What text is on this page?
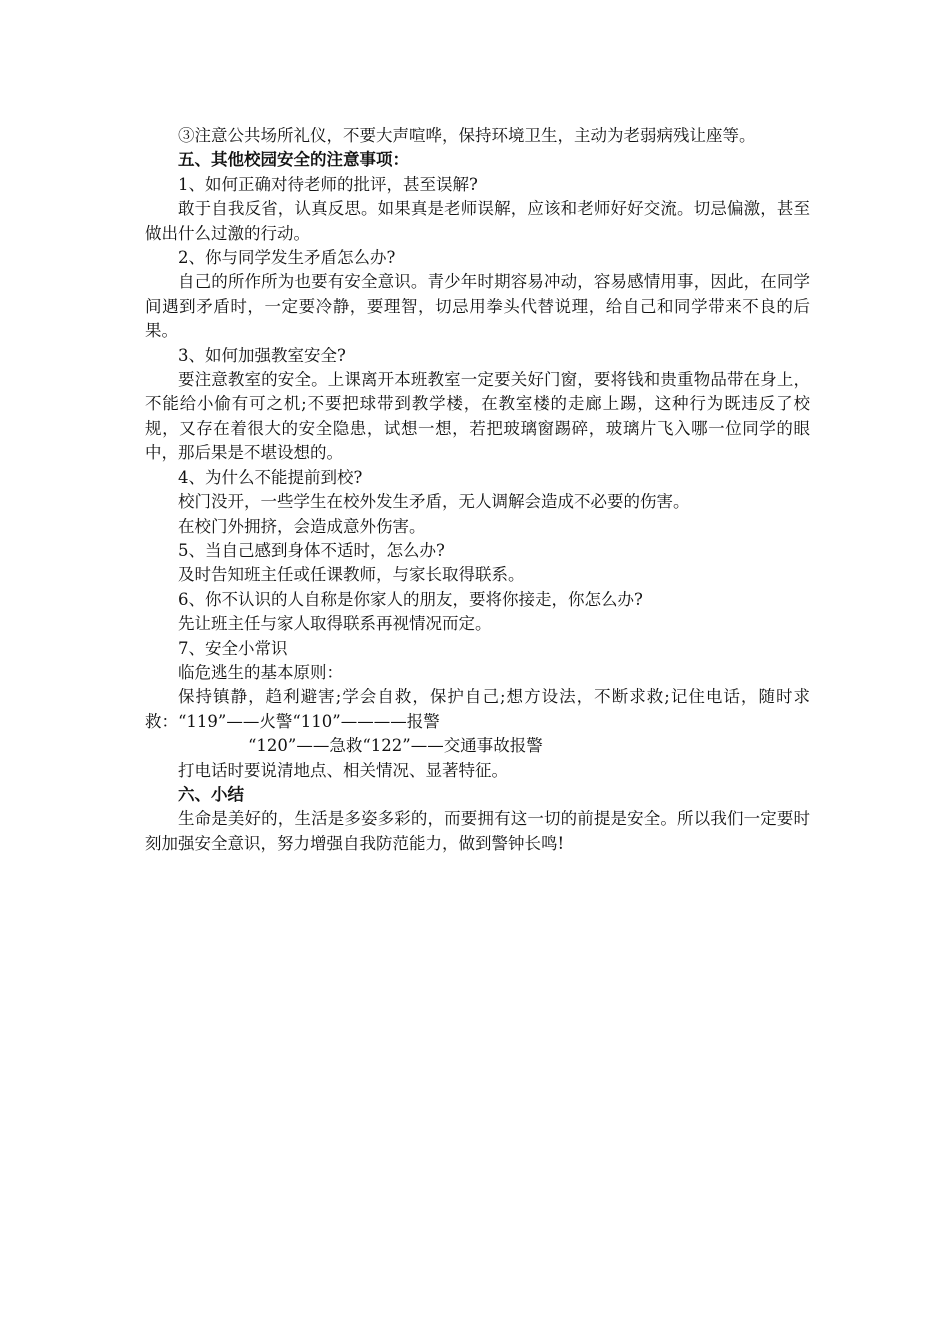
③注意公共场所礼仪，不要大声喧哗，保持环境卫生，主动为老弱病残让座等。

五、其他校园安全的注意事项：

1、如何正确对待老师的批评，甚至误解?

敢于自我反省，认真反思。如果真是老师误解，应该和老师好好交流。切忌偏激，甚至做出什么过激的行动。

2、你与同学发生矛盾怎么办?

自己的所作所为也要有安全意识。青少年时期容易冲动，容易感情用事，因此，在同学间遇到矛盾时，一定要冷静，要理智，切忌用拳头代替说理，给自己和同学带来不良的后果。

3、如何加强教室安全?

要注意教室的安全。上课离开本班教室一定要关好门窗，要将钱和贵重物品带在身上，不能给小偷有可之机;不要把球带到教学楼，在教室楼的走廊上踢，这种行为既违反了校规，又存在着很大的安全隐患，试想一想，若把玻璃窗踢碎，玻璃片飞入哪一位同学的眼中，那后果是不堪设想的。

4、为什么不能提前到校?

校门没开，一些学生在校外发生矛盾，无人调解会造成不必要的伤害。

在校门外拥挤，会造成意外伤害。

5、当自己感到身体不适时，怎么办?

及时告知班主任或任课教师，与家长取得联系。

6、你不认识的人自称是你家人的朋友，要将你接走，你怎么办?

先让班主任与家人取得联系再视情况而定。

7、安全小常识

临危逃生的基本原则：

保持镇静，趋利避害;学会自救，保护自己;想方设法，不断求救;记住电话，随时求救：“119”——火警“110”————报警

“120”——急救“122”——交通事故报警

打电话时要说清地点、相关情况、显著特征。

六、小结

生命是美好的，生活是多姿多彩的，而要拥有这一切的前提是安全。所以我们一定要时刻加强安全意识，努力增强自我防范能力，做到警钟长鸣!
